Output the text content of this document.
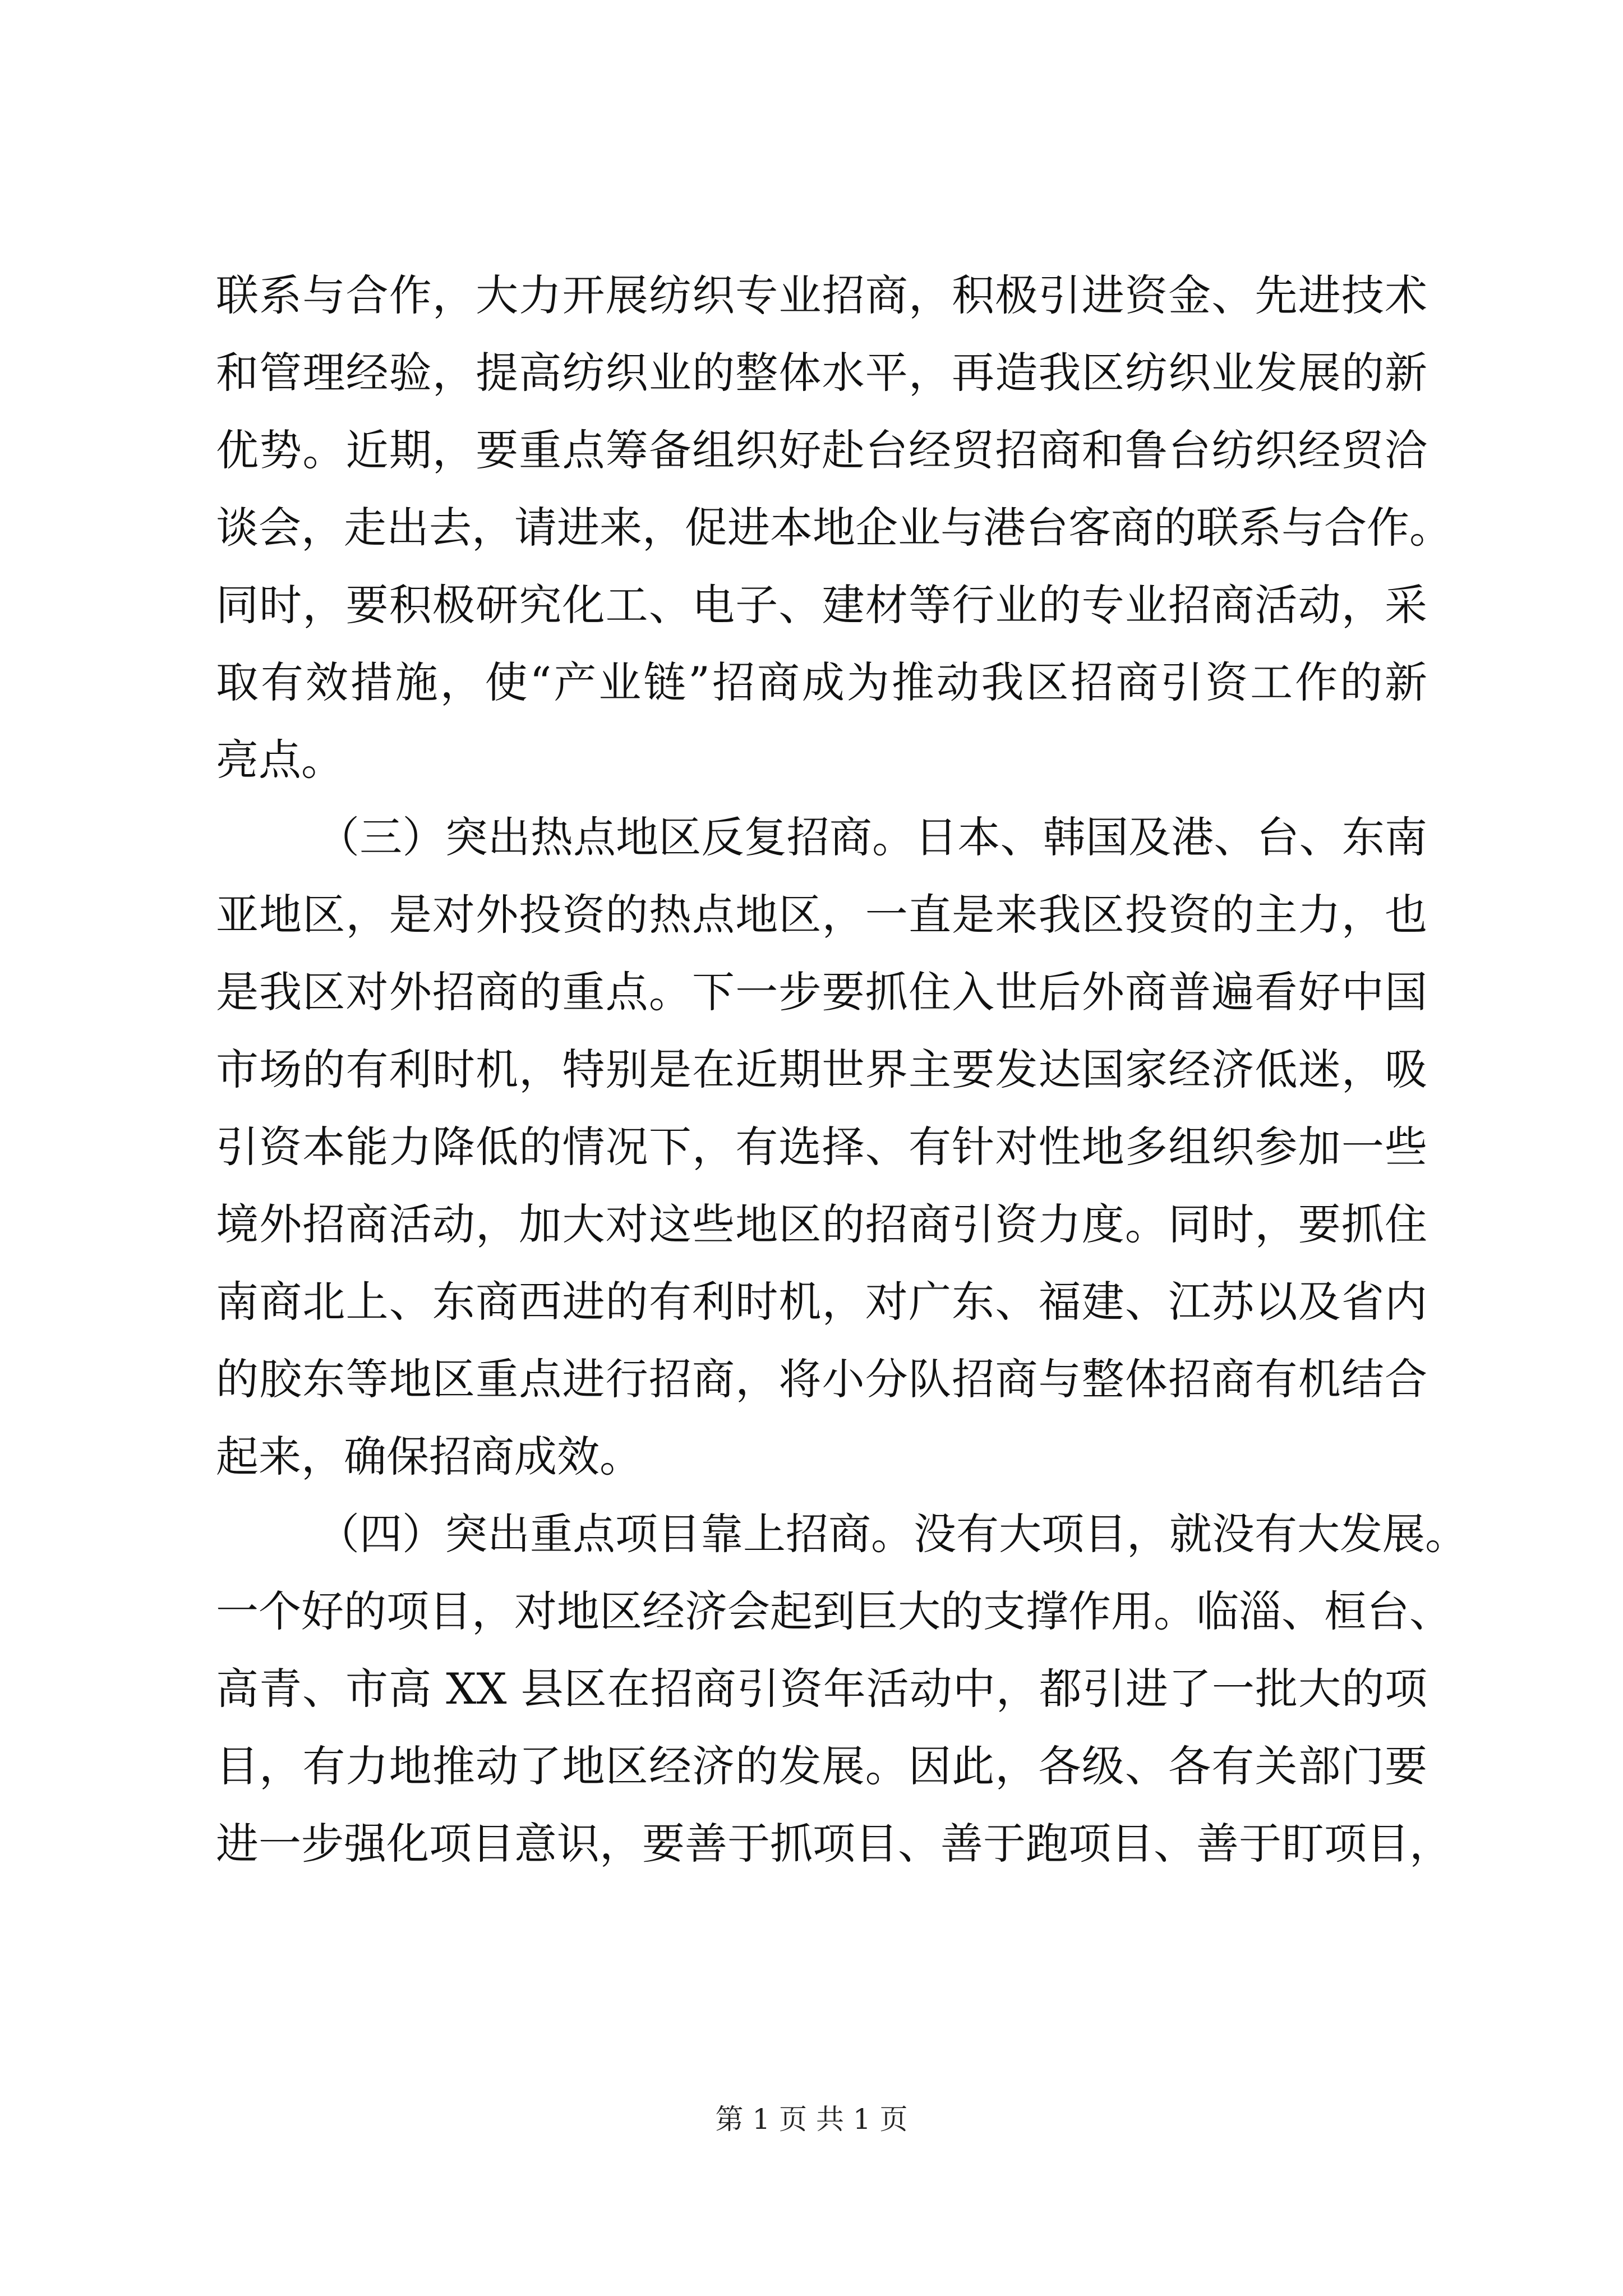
联系与合作，大力开展纺织专业招商，积极引进资金、先进技术
和管理经验，提高纺织业的整体水平，再造我区纺织业发展的新
优势。近期，要重点筹备组织好赴台经贸招商和鲁台纺织经贸洽
谈会，走出去，请进来，促进本地企业与港台客商的联系与合作。
同时，要积极研究化工、电子、建材等行业的专业招商活动，采
取有效措施，使“产业链”招商成为推动我区招商引资工作的新
亮点。
（三）突出热点地区反复招商。日本、韩国及港、台、东南
亚地区，是对外投资的热点地区，一直是来我区投资的主力，也
是我区对外招商的重点。下一步要抓住入世后外商普遍看好中国
市场的有利时机，特别是在近期世界主要发达国家经济低迷，吸
引资本能力降低的情况下，有选择、有针对性地多组织参加一些
境外招商活动，加大对这些地区的招商引资力度。同时，要抓住
南商北上、东商西进的有利时机，对广东、福建、江苏以及省内
的胶东等地区重点进行招商，将小分队招商与整体招商有机结合
起来，确保招商成效。
（四）突出重点项目靠上招商。没有大项目，就没有大发展。
一个好的项目，对地区经济会起到巨大的支撑作用。临淄、桓台、
高青、市高 XX 县区在招商引资年活动中，都引进了一批大的项
目，有力地推动了地区经济的发展。因此，各级、各有关部门要
进一步强化项目意识，要善于抓项目、善于跑项目、善于盯项目，
第 1 页 共 1 页
